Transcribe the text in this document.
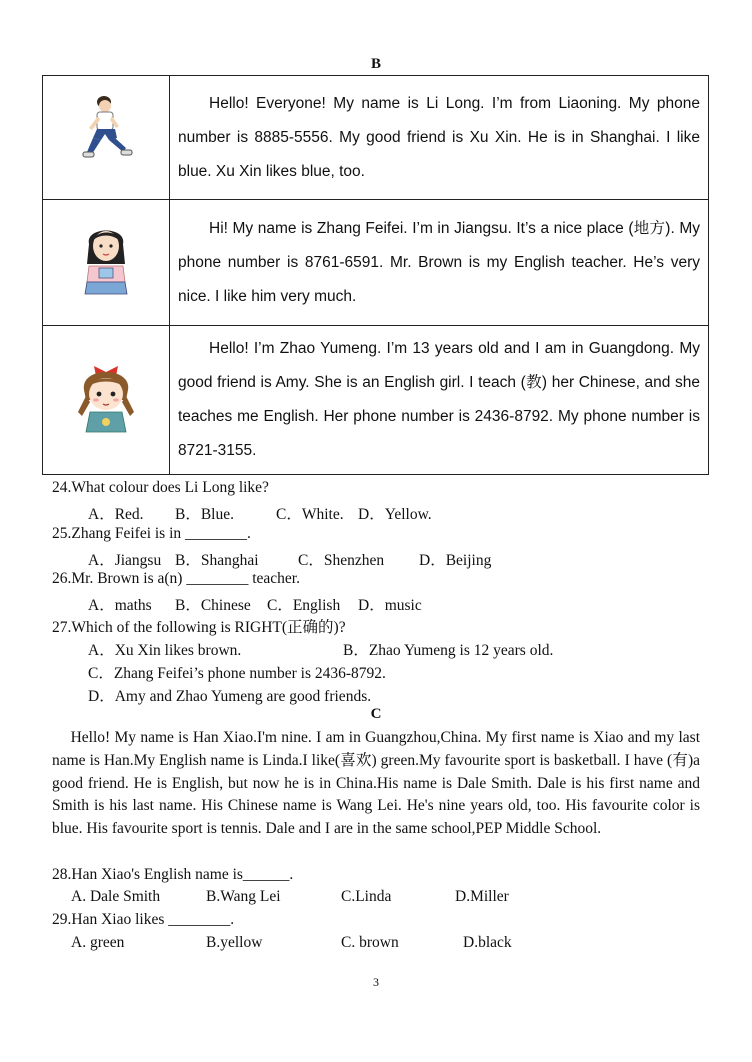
B

Hello! Everyone! My name is Li Long. I’m from Liaoning. My phone number is 8885-5556. My good friend is Xu Xin. He is in Shanghai. I like blue. Xu Xin likes blue, too.

Hi! My name is Zhang Feifei. I’m in Jiangsu. It’s a nice place (地方). My phone number is 8761-6591. Mr. Brown is my English teacher. He’s very nice. I like him very much.

Hello! I’m Zhao Yumeng. I’m 13 years old and I am in Guangdong. My good friend is Amy. She is an English girl. I teach (教) her Chinese, and she teaches me English. Her phone number is 2436-8792. My phone number is 8721-3155.
24.What colour does Li Long like?
A．Red. B．Blue.	C．White. D．Yellow.
25.Zhang Feifei is in ________.
A．Jiangsu B．Shanghai	C．Shenzhen D．Beijing
26.Mr. Brown is a(n) ________ teacher.
A．maths B．Chinese C．English D．music
27.Which of the following is RIGHT(正确的)?
A．Xu Xin likes brown.	B．Zhao Yumeng is 12 years old.
C．Zhang Feifei’s phone number is 2436-8792.
D．Amy and Zhao Yumeng are good friends.
C
Hello! My name is Han Xiao.I'm nine. I am in Guangzhou,China. My first name is Xiao and my last name is Han.My English name is Linda.I like(喜欢) green.My favourite sport is basketball. I have (有)a good friend. He is English, but now he is in China.His name is Dale Smith. Dale is his first name and Smith is his last name. His Chinese name is Wang Lei. He's nine years old, too. His favourite color is blue. His favourite sport is tennis. Dale and I are in the same school,PEP Middle School.
28.Han Xiao's English name is______.
A. Dale Smith	B.Wang Lei	C.Linda	D.Miller
29.Han Xiao likes ________.
A. green	B.yellow	C. brown	D.black
3
